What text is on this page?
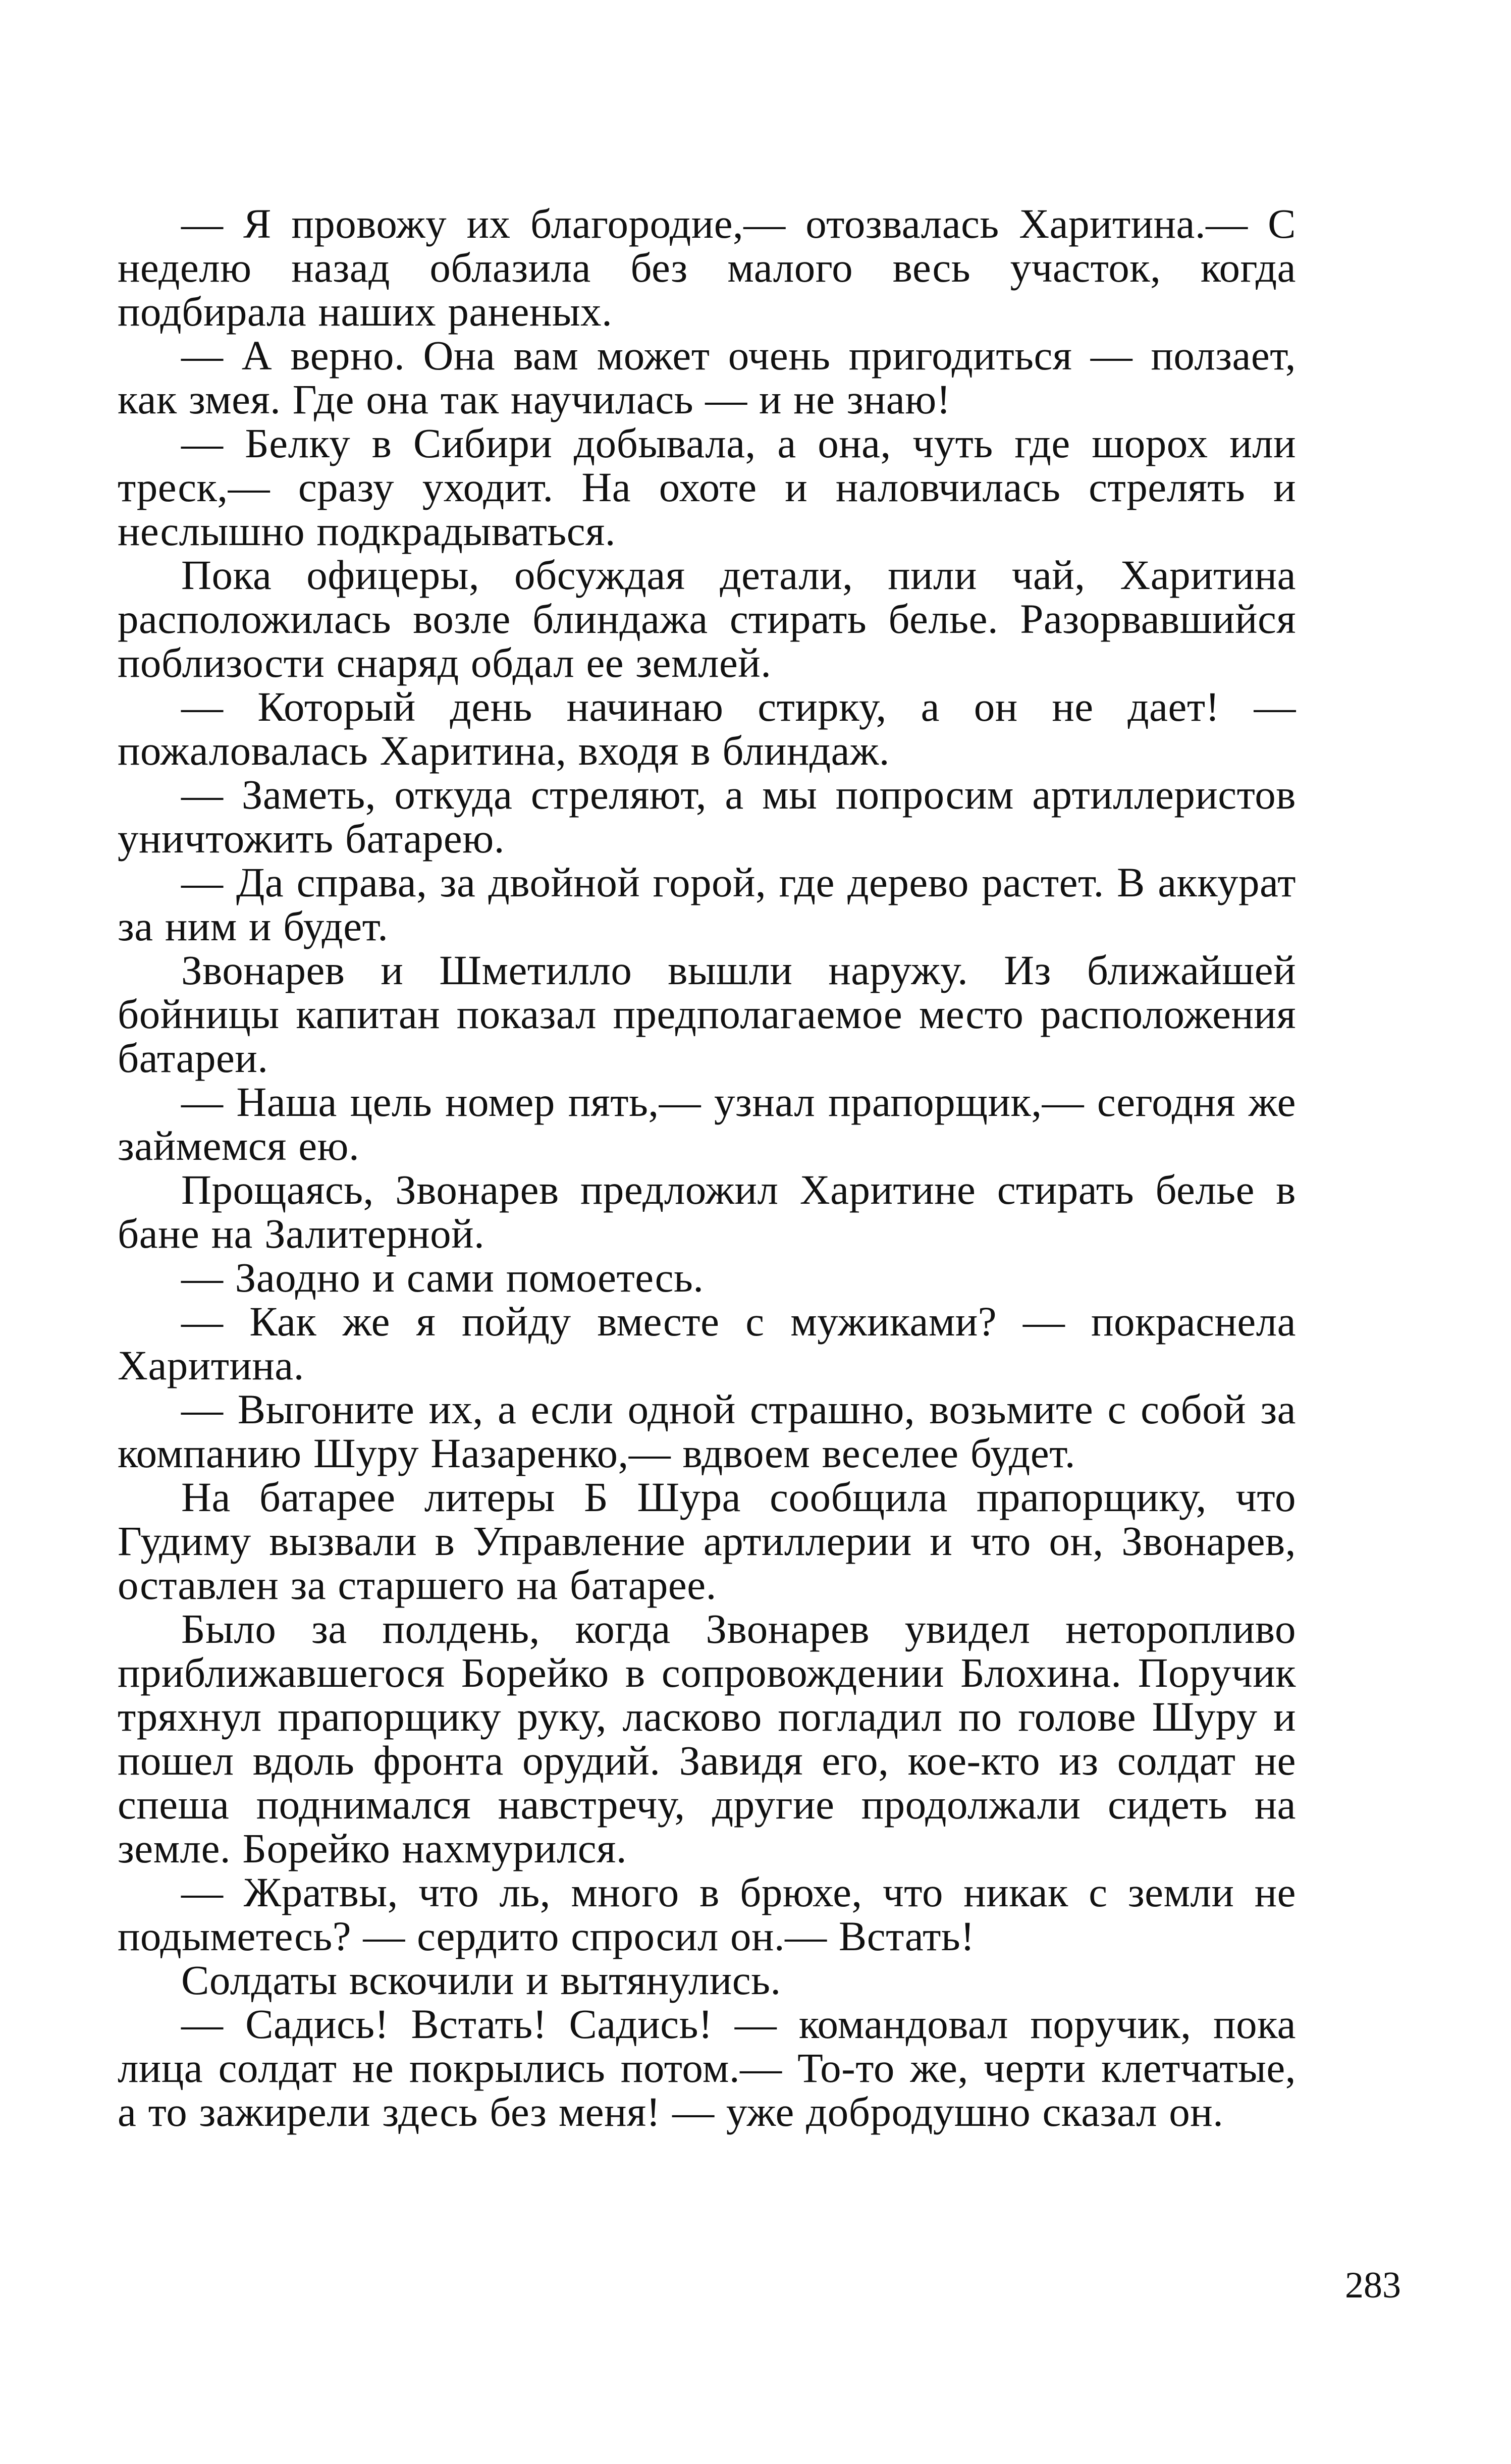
— Я провожу их благородие,— отозвалась Харитина.— С неделю назад облазила без малого весь участок, когда подбирала наших раненых.

— А верно. Она вам может очень пригодиться — ползает, как змея. Где она так научилась — и не знаю!

— Белку в Сибири добывала, а она, чуть где шорох или треск,— сразу уходит. На охоте и наловчилась стрелять и неслышно подкрадываться.

Пока офицеры, обсуждая детали, пили чай, Харитина расположилась возле блиндажа стирать белье. Разорвавшийся поблизости снаряд обдал ее землей.

— Который день начинаю стирку, а он не дает! — пожаловалась Харитина, входя в блиндаж.

— Заметь, откуда стреляют, а мы попросим артиллеристов уничтожить батарею.

— Да справа, за двойной горой, где дерево растет. В аккурат за ним и будет.

Звонарев и Шметилло вышли наружу. Из ближайшей бойницы капитан показал предполагаемое место расположения батареи.

— Наша цель номер пять,— узнал прапорщик,— сегодня же займемся ею.

Прощаясь, Звонарев предложил Харитине стирать белье в бане на Залитерной.

— Заодно и сами помоетесь.

— Как же я пойду вместе с мужиками? — покраснела Харитина.

— Выгоните их, а если одной страшно, возьмите с собой за компанию Шуру Назаренко,— вдвоем веселее будет.

На батарее литеры Б Шура сообщила прапорщику, что Гудиму вызвали в Управление артиллерии и что он, Звонарев, оставлен за старшего на батарее.

Было за полдень, когда Звонарев увидел неторопливо приближавшегося Борейко в сопровождении Блохина. Поручик тряхнул прапорщику руку, ласково погладил по голове Шуру и пошел вдоль фронта орудий. Завидя его, кое-кто из солдат не спеша поднимался навстречу, другие продолжали сидеть на земле. Борейко нахмурился.

— Жратвы, что ль, много в брюхе, что никак с земли не подыметесь? — сердито спросил он.— Встать!

Солдаты вскочили и вытянулись.

— Садись! Встать! Садись! — командовал поручик, пока лица солдат не покрылись потом.— То-то же, черти клетчатые, а то зажирели здесь без меня! — уже добродушно сказал он.

283
